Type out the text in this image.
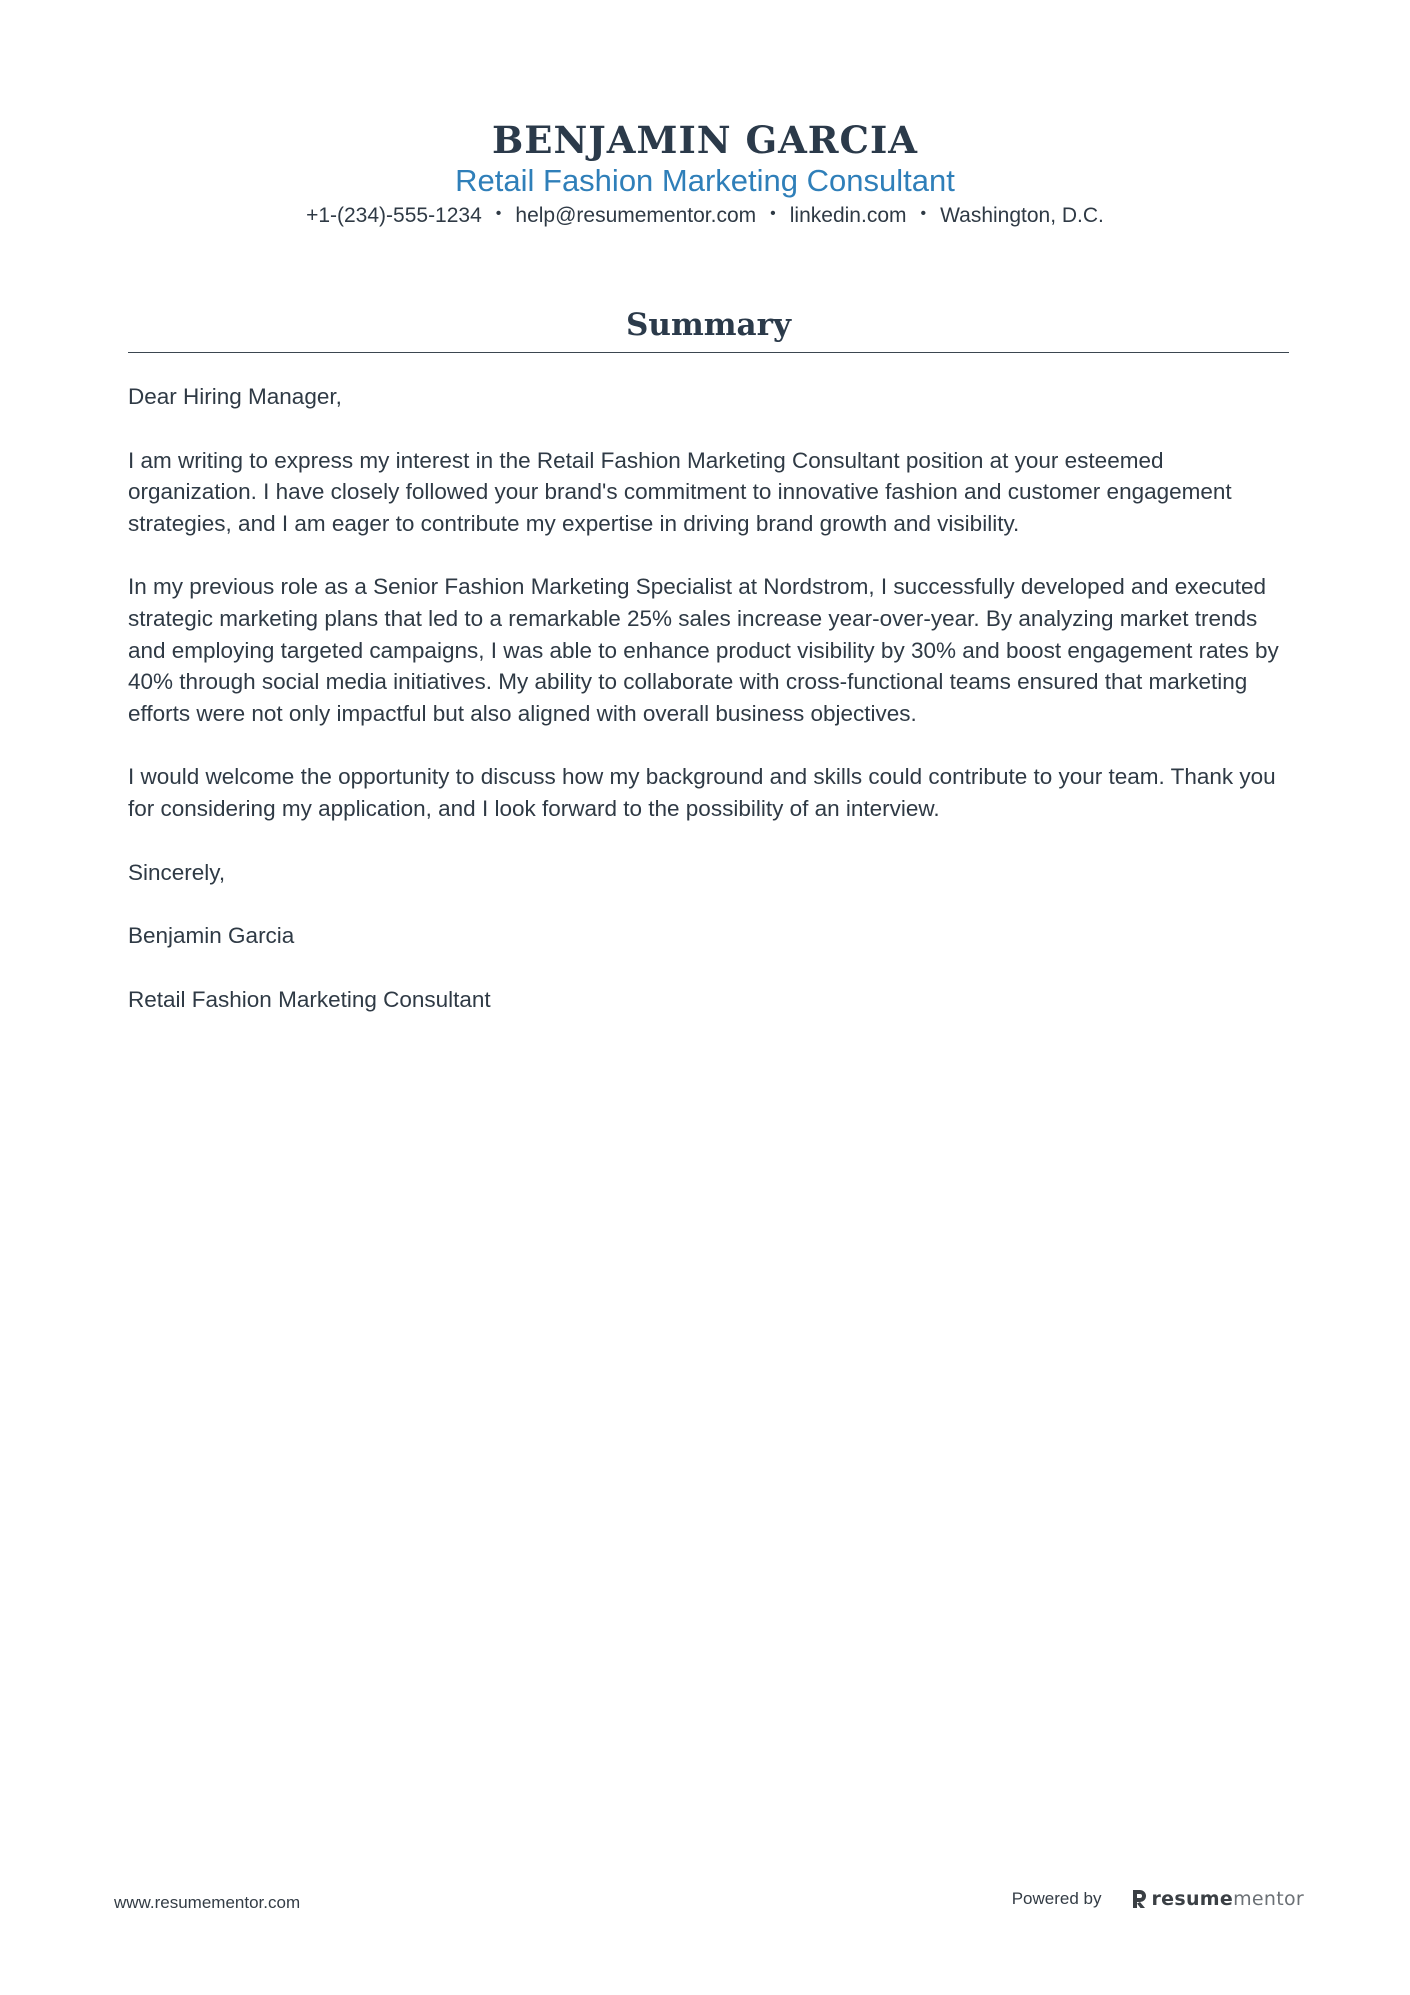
BENJAMIN GARCIA
Retail Fashion Marketing Consultant
+1-(234)-555-1234 • help@resumementor.com • linkedin.com • Washington, D.C.
Summary

Dear Hiring Manager,

I am writing to express my interest in the Retail Fashion Marketing Consultant position at your esteemed organization. I have closely followed your brand's commitment to innovative fashion and customer engagement strategies, and I am eager to contribute my expertise in driving brand growth and visibility.

In my previous role as a Senior Fashion Marketing Specialist at Nordstrom, I successfully developed and executed strategic marketing plans that led to a remarkable 25% sales increase year-over-year. By analyzing market trends and employing targeted campaigns, I was able to enhance product visibility by 30% and boost engagement rates by 40% through social media initiatives. My ability to collaborate with cross-functional teams ensured that marketing efforts were not only impactful but also aligned with overall business objectives.

I would welcome the opportunity to discuss how my background and skills could contribute to your team. Thank you for considering my application, and I look forward to the possibility of an interview.

Sincerely,

Benjamin Garcia

Retail Fashion Marketing Consultant

www.resumementor.com	Powered by	resumementor
